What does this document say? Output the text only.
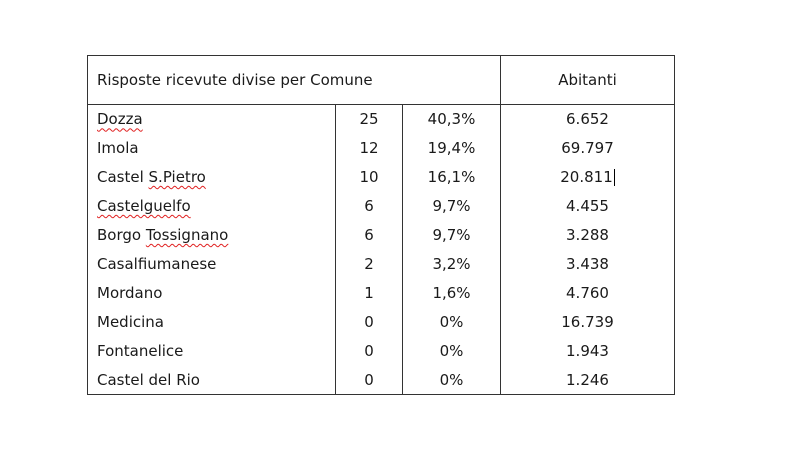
Risposte ricevute divise per Comune			Abitanti
Dozza	25	40,3%	6.652
Imola	12	19,4%	69.797
Castel S.Pietro	10	16,1%	20.811
Castelguelfo	6	9,7%	4.455
Borgo Tossignano	6	9,7%	3.288
Casalfiumanese	2	3,2%	3.438
Mordano	1	1,6%	4.760
Medicina	0	0%	16.739
Fontanelice	0	0%	1.943
Castel del Rio	0	0%	1.246
